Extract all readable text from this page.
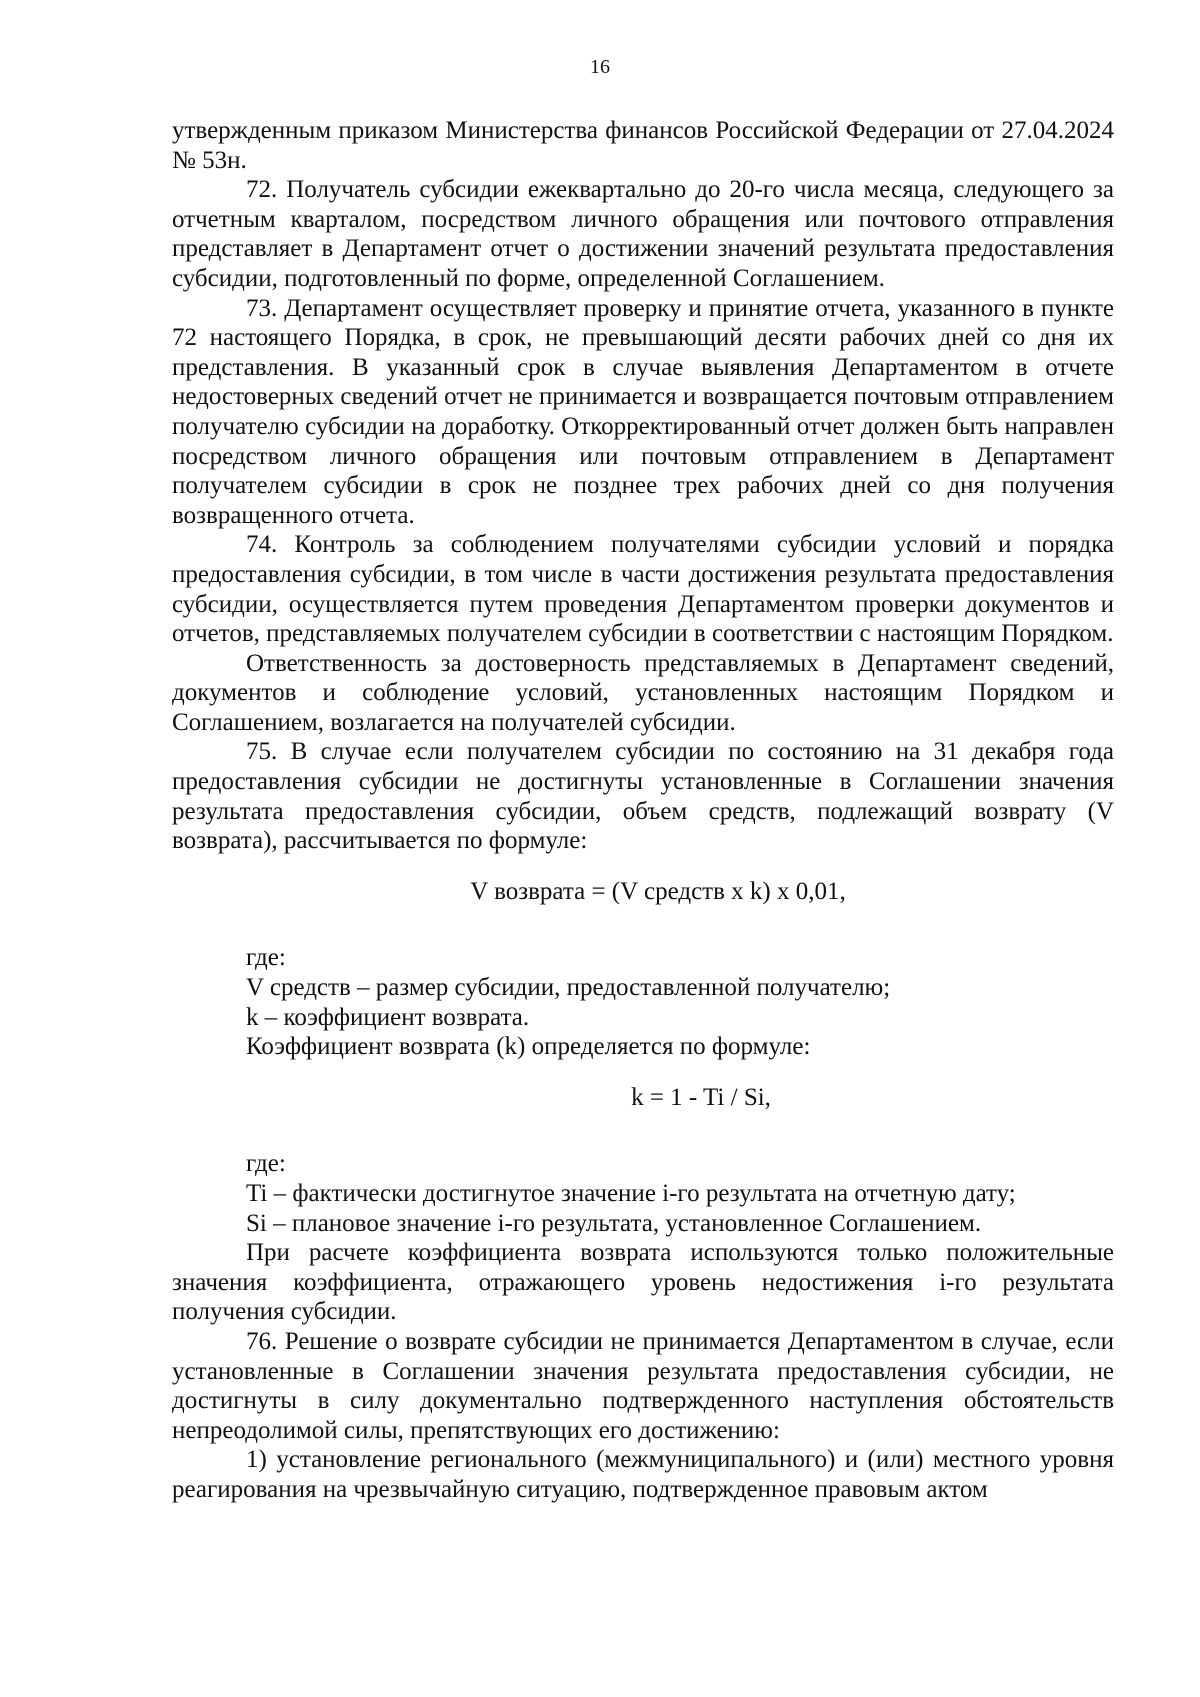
16

утвержденным приказом Министерства финансов Российской Федерации от 27.04.2024 № 53н.

72. Получатель субсидии ежеквартально до 20-го числа месяца, следующего за отчетным кварталом, посредством личного обращения или почтового отправления представляет в Департамент отчет о достижении значений результата предоставления субсидии, подготовленный по форме, определенной Соглашением.

73. Департамент осуществляет проверку и принятие отчета, указанного в пункте 72 настоящего Порядка, в срок, не превышающий десяти рабочих дней со дня их представления. В указанный срок в случае выявления Департаментом в отчете недостоверных сведений отчет не принимается и возвращается почтовым отправлением получателю субсидии на доработку. Откорректированный отчет должен быть направлен посредством личного обращения или почтовым отправлением в Департамент получателем субсидии в срок не позднее трех рабочих дней со дня получения возвращенного отчета.

74. Контроль за соблюдением получателями субсидии условий и порядка предоставления субсидии, в том числе в части достижения результата предоставления субсидии, осуществляется путем проведения Департаментом проверки документов и отчетов, представляемых получателем субсидии в соответствии с настоящим Порядком.

Ответственность за достоверность представляемых в Департамент сведений, документов и соблюдение условий, установленных настоящим Порядком и Соглашением, возлагается на получателей субсидии.

75. В случае если получателем субсидии по состоянию на 31 декабря года предоставления субсидии не достигнуты установленные в Соглашении значения результата предоставления субсидии, объем средств, подлежащий возврату (V возврата), рассчитывается по формуле:

V возврата = (V средств x k) x 0,01,

где:

V средств – размер субсидии, предоставленной получателю;

k – коэффициент возврата.

Коэффициент возврата (k) определяется по формуле:

k = 1 - Ti / Si,

где:

Ti – фактически достигнутое значение i-го результата на отчетную дату;

Si – плановое значение i-го результата, установленное Соглашением.

При расчете коэффициента возврата используются только положительные значения коэффициента, отражающего уровень недостижения i-го результата получения субсидии.

76. Решение о возврате субсидии не принимается Департаментом в случае, если установленные в Соглашении значения результата предоставления субсидии, не достигнуты в силу документально подтвержденного наступления обстоятельств непреодолимой силы, препятствующих его достижению:

1) установление регионального (межмуниципального) и (или) местного уровня реагирования на чрезвычайную ситуацию, подтвержденное правовым актом
